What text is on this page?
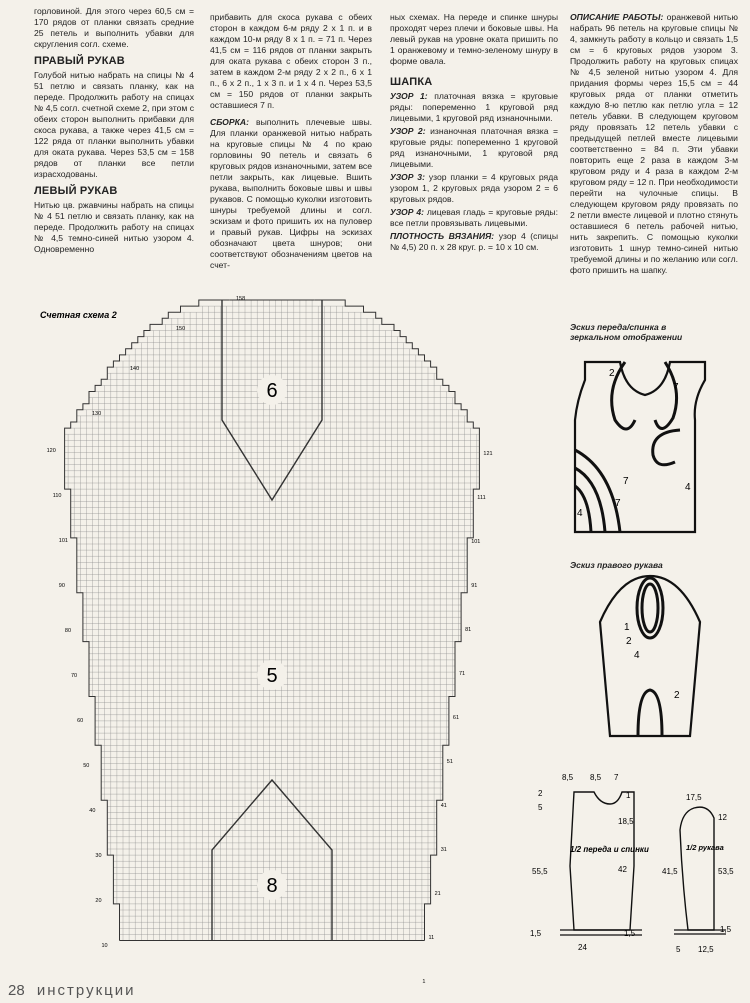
горловиной. Для этого через 60,5 см = 170 рядов от планки связать средние 25 петель и выполнить убавки для скругления согл. схеме.

ПРАВЫЙ РУКАВ

Голубой нитью набрать на спицы № 4 51 петлю и связать планку, как на переде. Продолжить работу на спицах № 4,5 согл. счетной схеме 2, при этом с обеих сторон выполнить прибавки для скоса рукава, а также через 41,5 см = 122 ряда от планки выполнить убавки для оката рукава. Через 53,5 см = 158 рядов от планки все петли израсходованы.

ЛЕВЫЙ РУКАВ

Нитью цв. ржавчины набрать на спицы № 4 51 петлю и связать планку, как на переде. Продолжить работу на спицах № 4,5 темно-синей нитью узором 4. Одновременно

прибавить для скоса рукава с обеих сторон в каждом 6-м ряду 2 х 1 п. и в каждом 10-м ряду 8 х 1 п. = 71 п. Через 41,5 см = 116 рядов от планки закрыть для оката рукава с обеих сторон 3 п., затем в каждом 2-м ряду 2 х 2 п., 6 х 1 п., 6 х 2 п., 1 х 3 п. и 1 х 4 п. Через 53,5 см = 150 рядов от планки закрыть оставшиеся 7 п.

СБОРКА: выполнить плечевые швы. Для планки оранжевой нитью набрать на круговые спицы № 4 по краю горловины 90 петель и связать 6 круговых рядов изнаночными, затем все петли закрыть, как лицевые. Вшить рукава, выполнить боковые швы и швы рукавов. С помощью куколки изготовить шнуры требуемой длины и согл. эскизам и фото пришить их на пуловер и правый рукав. Цифры на эскизах обозначают цвета шнуров; они соответствуют обозначениям цветов на счет-

ных схемах. На переде и спинке шнуры проходят через плечи и боковые швы. На левый рукав на уровне оката пришить по 1 оранжевому и темно-зеленому шнуру в форме овала.

ШАПКА

УЗОР 1: платочная вязка = круговые ряды: попеременно 1 круговой ряд лицевыми, 1 круговой ряд изнаночными.

УЗОР 2: изнаночная платочная вязка = круговые ряды: попеременно 1 круговой ряд изнаночными, 1 круговой ряд лицевыми.

УЗОР 3: узор планки = 4 круговых ряда узором 1, 2 круговых ряда узором 2 = 6 круговых рядов.

УЗОР 4: лицевая гладь = круговые ряды: все петли провязывать лицевыми.

ПЛОТНОСТЬ ВЯЗАНИЯ: узор 4 (спицы № 4,5) 20 п. x 28 круг. р. = 10 x 10 см.

ОПИСАНИЕ РАБОТЫ: оранжевой нитью набрать 96 петель на круговые спицы № 4, замкнуть работу в кольцо и связать 1,5 см = 6 круговых рядов узором 3. Продолжить работу на круговых спицах № 4,5 зеленой нитью узором 4. Для придания формы через 15,5 см = 44 круговых ряда от планки отметить каждую 8-ю петлю как петлю угла = 12 петель убавки. В следующем круговом ряду провязать 12 петель убавки с предыдущей петлей вместе лицевыми соответственно = 84 п. Эти убавки повторить еще 2 раза в каждом 3-м круговом ряду и 4 раза в каждом 2-м круговом ряду = 12 п. При необходимости перейти на чулочные спицы. В следующем круговом ряду провязать по 2 петли вместе лицевой и плотно стянуть оставшиеся 6 петель рабочей нитью, нить закрепить. С помощью куколки изготовить 1 шнур темно-синей нитью требуемой длины и по желанию или согл. фото пришить на шапку.

Счетная схема 2
6
5
8
158
150
140
130
120
110
101
90
80
70
60
50
40
30
20
10
121
111
101
91
81
71
61
51
41
31
21
11
1
Эскиз переда/спинка в зеркальном отображении
2
7
7
4
4
7
Эскиз правого рукава
1
2
4
2
8,5 8,5 7
2
5
1
18,5
55,5	42
1,5	1,5
24
1/2 переда и спинки
17,5
12
41,5	53,5
1,5
5 12,5
1/2 рукава
28 инструкции
